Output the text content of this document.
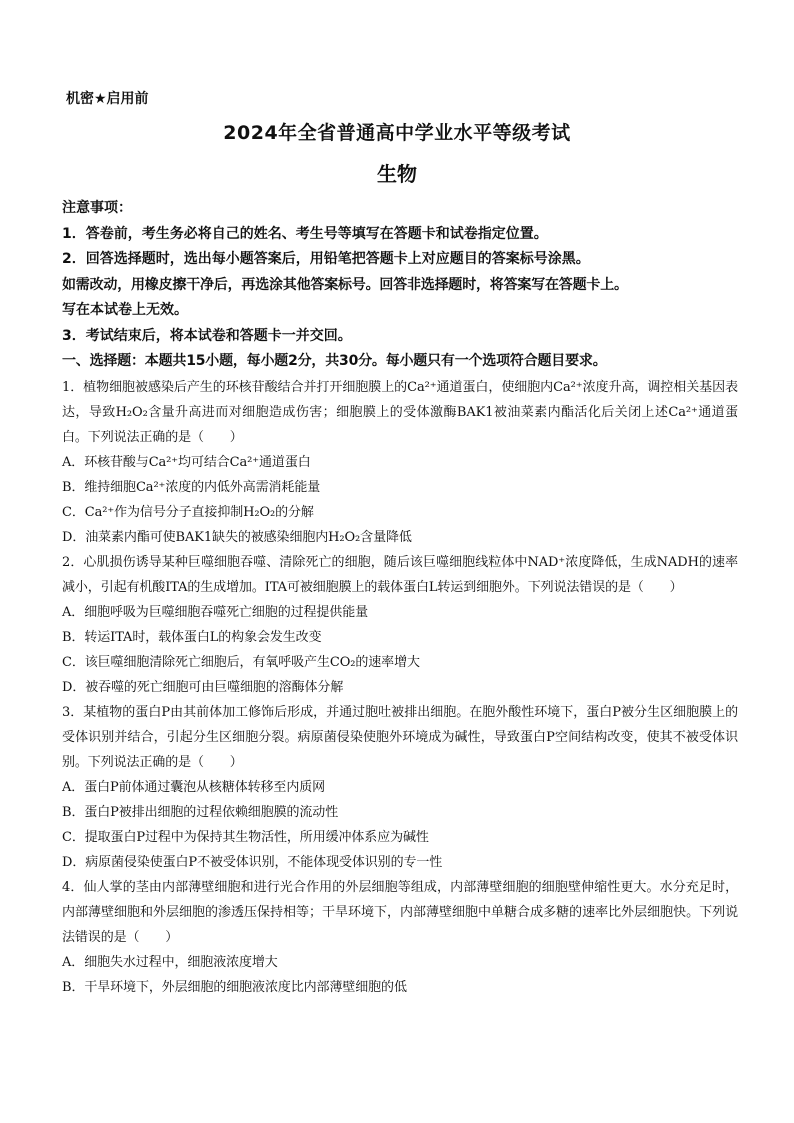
机密★启用前
2024年全省普通高中学业水平等级考试
生物
注意事项：
1．答卷前，考生务必将自己的姓名、考生号等填写在答题卡和试卷指定位置。
2．回答选择题时，选出每小题答案后，用铅笔把答题卡上对应题目的答案标号涂黑。
如需改动，用橡皮擦干净后，再选涂其他答案标号。回答非选择题时，将答案写在答题卡上。
写在本试卷上无效。
3．考试结束后，将本试卷和答题卡一并交回。
一、选择题：本题共15小题，每小题2分，共30分。每小题只有一个选项符合题目要求。
1．植物细胞被感染后产生的环核苷酸结合并打开细胞膜上的Ca²⁺通道蛋白，使细胞内Ca²⁺浓度升高，调控相关基因表达，导致H₂O₂含量升高进而对细胞造成伤害；细胞膜上的受体激酶BAK1被油菜素内酯活化后关闭上述Ca²⁺通道蛋白。下列说法正确的是（　　）
A．环核苷酸与Ca²⁺均可结合Ca²⁺通道蛋白
B．维持细胞Ca²⁺浓度的内低外高需消耗能量
C．Ca²⁺作为信号分子直接抑制H₂O₂的分解
D．油菜素内酯可使BAK1缺失的被感染细胞内H₂O₂含量降低
2．心肌损伤诱导某种巨噬细胞吞噬、清除死亡的细胞，随后该巨噬细胞线粒体中NAD⁺浓度降低，生成NADH的速率减小，引起有机酸ITA的生成增加。ITA可被细胞膜上的载体蛋白L转运到细胞外。下列说法错误的是（　　）
A．细胞呼吸为巨噬细胞吞噬死亡细胞的过程提供能量
B．转运ITA时，载体蛋白L的构象会发生改变
C．该巨噬细胞清除死亡细胞后，有氧呼吸产生CO₂的速率增大
D．被吞噬的死亡细胞可由巨噬细胞的溶酶体分解
3．某植物的蛋白P由其前体加工修饰后形成，并通过胞吐被排出细胞。在胞外酸性环境下，蛋白P被分生区细胞膜上的受体识别并结合，引起分生区细胞分裂。病原菌侵染使胞外环境成为碱性，导致蛋白P空间结构改变，使其不被受体识别。下列说法正确的是（　　）
A．蛋白P前体通过囊泡从核糖体转移至内质网
B．蛋白P被排出细胞的过程依赖细胞膜的流动性
C．提取蛋白P过程中为保持其生物活性，所用缓冲体系应为碱性
D．病原菌侵染使蛋白P不被受体识别，不能体现受体识别的专一性
4．仙人掌的茎由内部薄壁细胞和进行光合作用的外层细胞等组成，内部薄壁细胞的细胞壁伸缩性更大。水分充足时，内部薄壁细胞和外层细胞的渗透压保持相等；干旱环境下，内部薄壁细胞中单糖合成多糖的速率比外层细胞快。下列说法错误的是（　　）
A．细胞失水过程中，细胞液浓度增大
B．干旱环境下，外层细胞的细胞液浓度比内部薄壁细胞的低
